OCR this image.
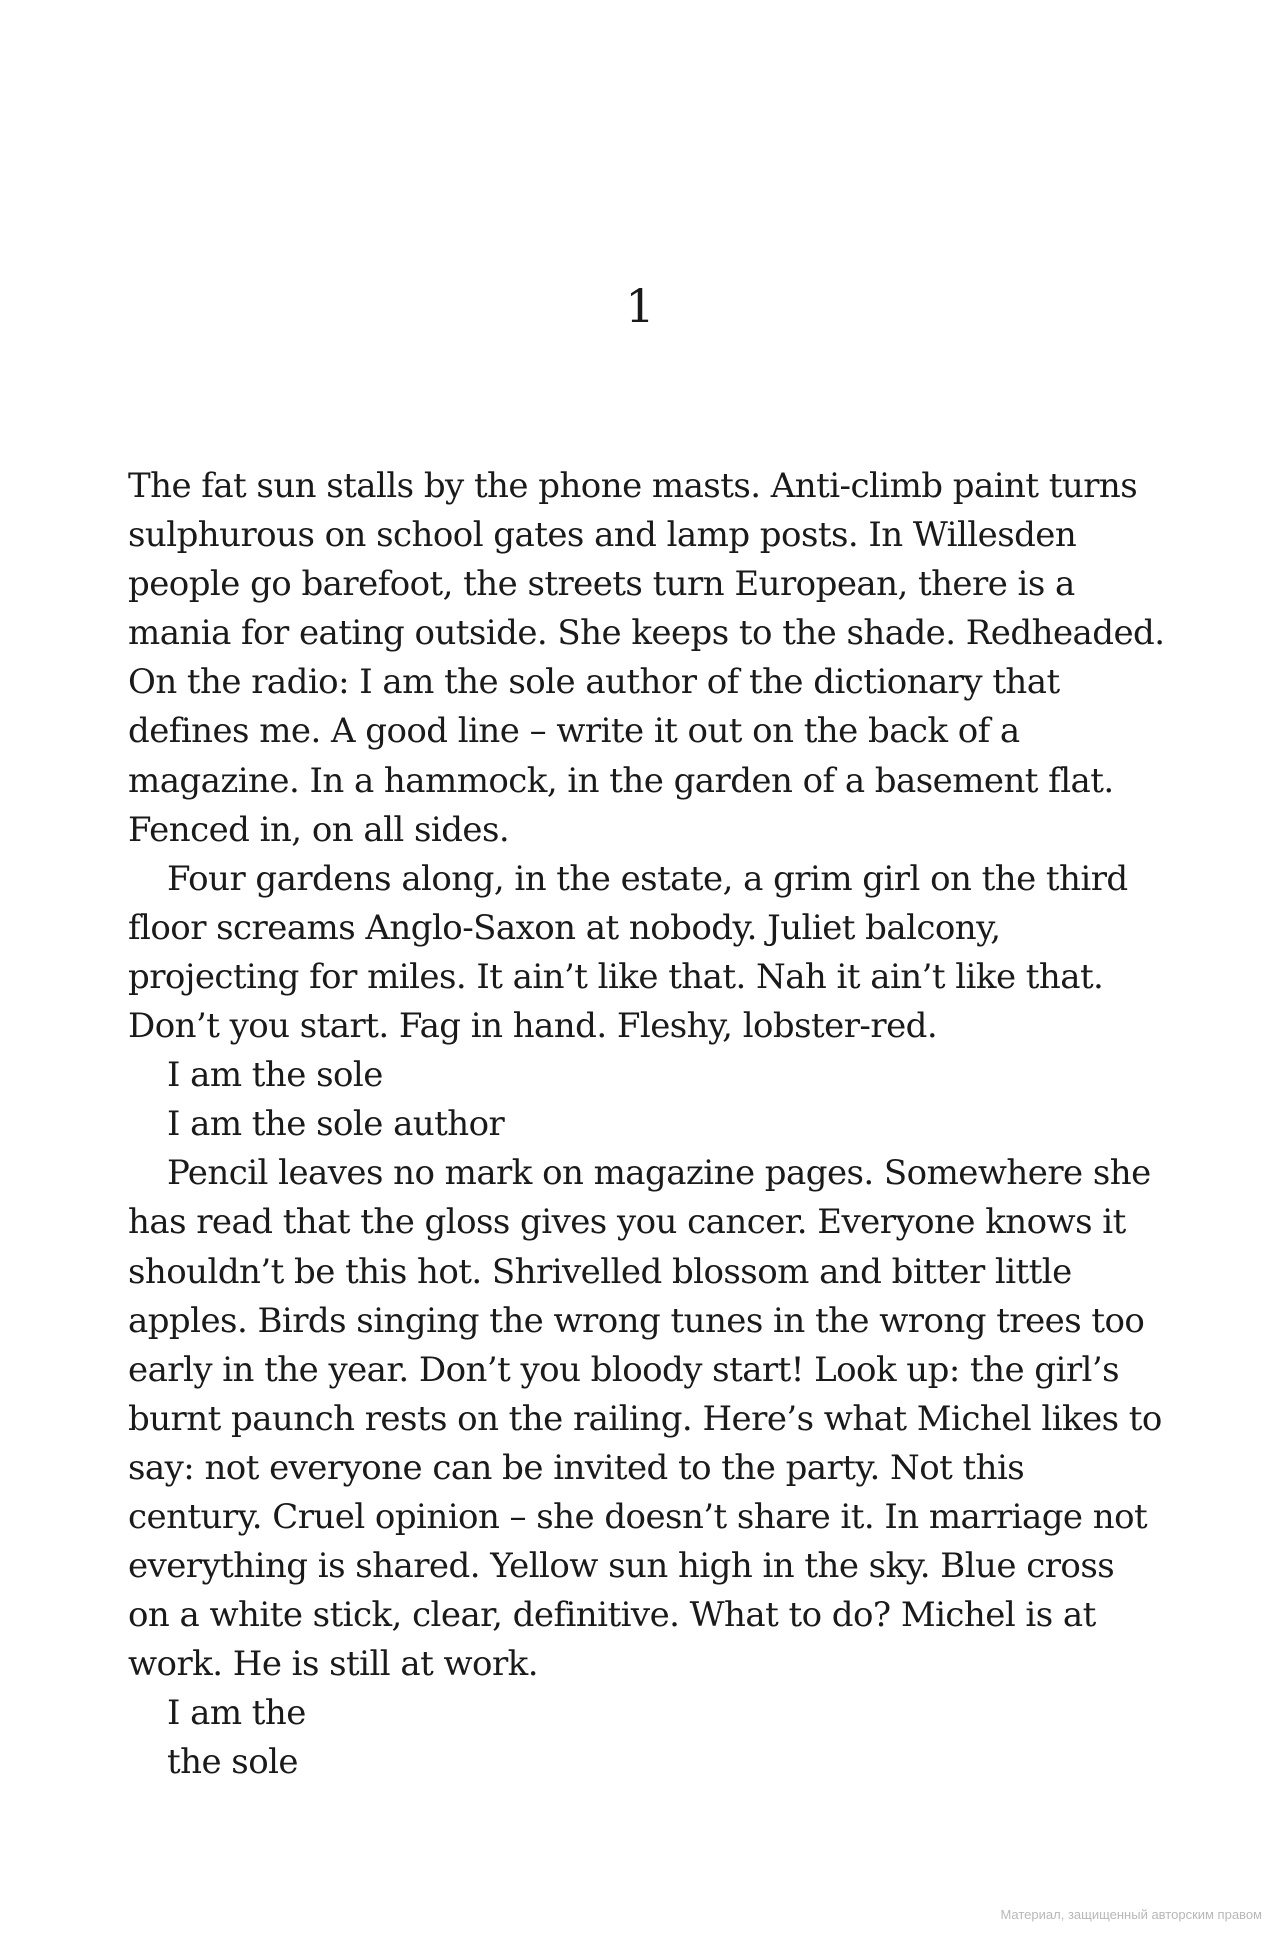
1
The fat sun stalls by the phone masts. Anti-climb paint turns
sulphurous on school gates and lamp posts. In Willesden
people go barefoot, the streets turn European, there is a
mania for eating outside. She keeps to the shade. Redheaded.
On the radio: I am the sole author of the dictionary that
defines me. A good line – write it out on the back of a
magazine. In a hammock, in the garden of a basement flat.
Fenced in, on all sides.
Four gardens along, in the estate, a grim girl on the third
floor screams Anglo-Saxon at nobody. Juliet balcony,
projecting for miles. It ain’t like that. Nah it ain’t like that.
Don’t you start. Fag in hand. Fleshy, lobster-red.
I am the sole
I am the sole author
Pencil leaves no mark on magazine pages. Somewhere she
has read that the gloss gives you cancer. Everyone knows it
shouldn’t be this hot. Shrivelled blossom and bitter little
apples. Birds singing the wrong tunes in the wrong trees too
early in the year. Don’t you bloody start! Look up: the girl’s
burnt paunch rests on the railing. Here’s what Michel likes to
say: not everyone can be invited to the party. Not this
century. Cruel opinion – she doesn’t share it. In marriage not
everything is shared. Yellow sun high in the sky. Blue cross
on a white stick, clear, definitive. What to do? Michel is at
work. He is still at work.
I am the
the sole
Материал, защищенный авторским правом
